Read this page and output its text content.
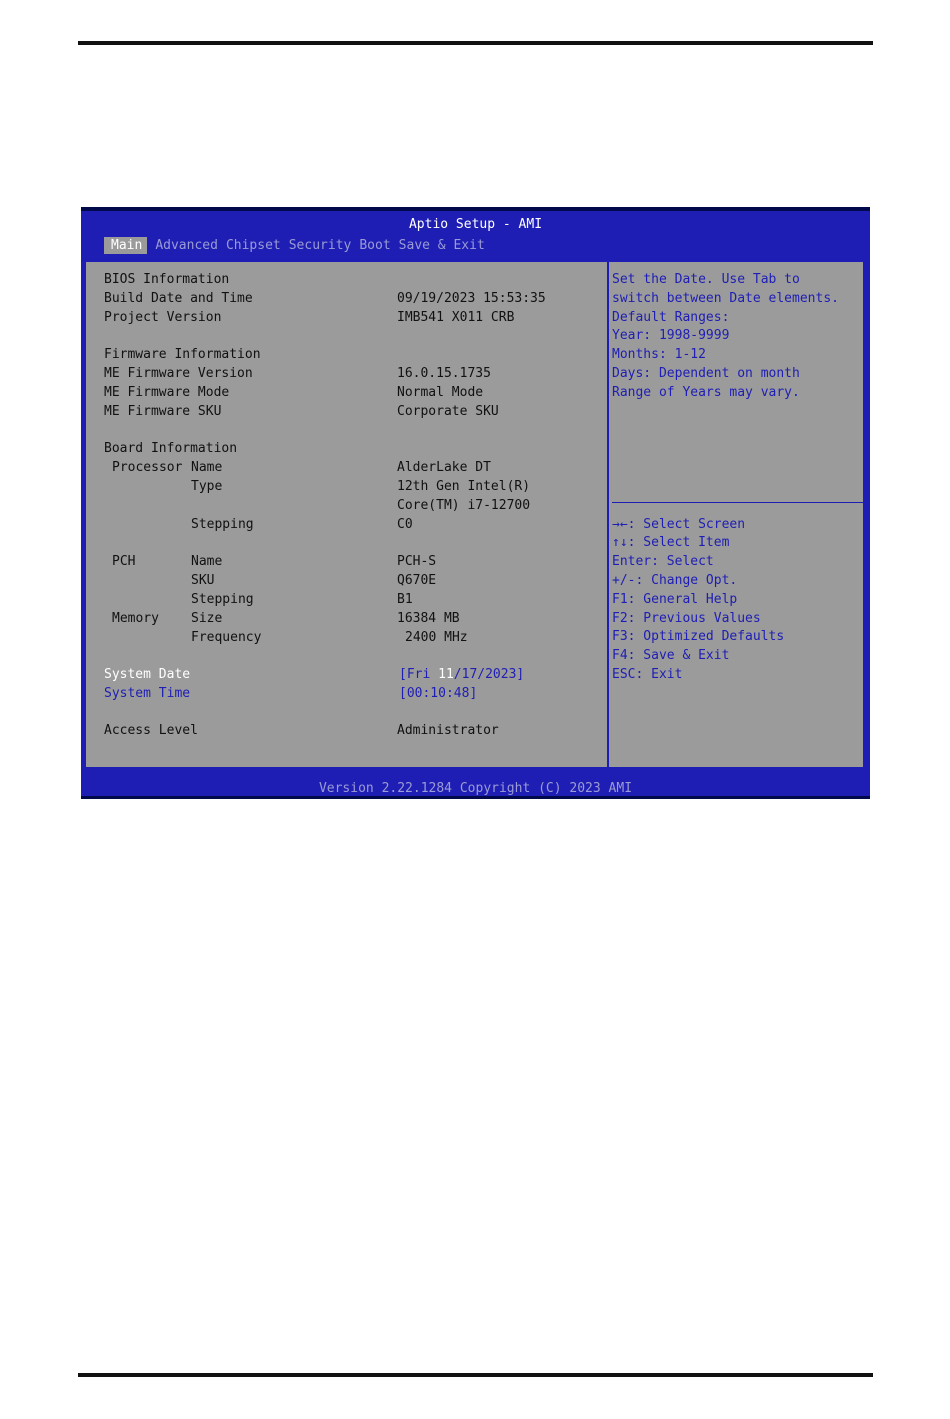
Aptio Setup - AMI
Main	Advanced Chipset Security Boot Save & Exit
BIOS Information
Build Date and Time	09/19/2023 15:53:35
Project Version	IMB541 X011 CRB
Firmware Information
ME Firmware Version	16.0.15.1735
ME Firmware Mode	Normal Mode
ME Firmware SKU	Corporate SKU
Board Information
Processor Name	AlderLake DT
Type	12th Gen Intel(R)
Core(TM) i7-12700
Stepping	C0
PCH	Name	PCH-S
SKU	Q670E
Stepping	B1
Memory Size	16384 MB
Frequency	2400 MHz
System Date	[Fri 11/17/2023]
System Time	[00:10:48]
Access Level	Administrator
Set the Date. Use Tab to
switch between Date elements.
Default Ranges:
Year: 1998-9999
Months: 1-12
Days: Dependent on month
Range of Years may vary.
→←: Select Screen
↑↓: Select Item
Enter: Select
+/-: Change Opt.
F1: General Help
F2: Previous Values
F3: Optimized Defaults
F4: Save & Exit
ESC: Exit
Version 2.22.1284 Copyright (C) 2023 AMI
